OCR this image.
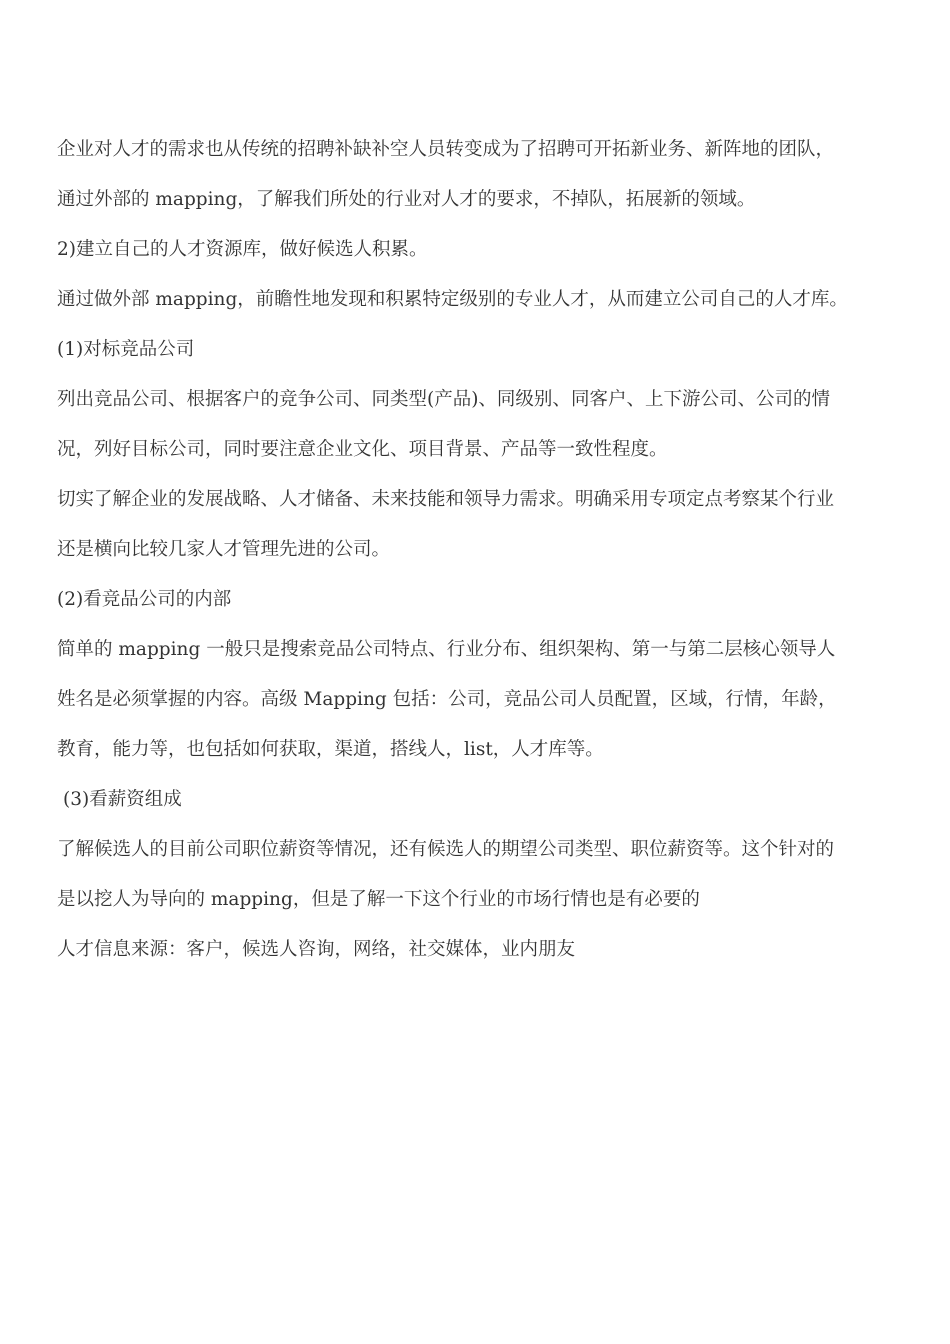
企业对人才的需求也从传统的招聘补缺补空人员转变成为了招聘可开拓新业务、新阵地的团队，

通过外部的 mapping，了解我们所处的行业对人才的要求，不掉队，拓展新的领域。

2)建立自己的人才资源库，做好候选人积累。

通过做外部 mapping，前瞻性地发现和积累特定级别的专业人才，从而建立公司自己的人才库。

(1)对标竞品公司

列出竞品公司、根据客户的竞争公司、同类型(产品)、同级别、同客户、上下游公司、公司的情

况，列好目标公司，同时要注意企业文化、项目背景、产品等一致性程度。

切实了解企业的发展战略、人才储备、未来技能和领导力需求。明确采用专项定点考察某个行业

还是横向比较几家人才管理先进的公司。

(2)看竞品公司的内部

简单的 mapping 一般只是搜索竞品公司特点、行业分布、组织架构、第一与第二层核心领导人

姓名是必须掌握的内容。高级 Mapping 包括：公司，竞品公司人员配置，区域，行情，年龄，

教育，能力等，也包括如何获取，渠道，搭线人，list，人才库等。

(3)看薪资组成

了解候选人的目前公司职位薪资等情况，还有候选人的期望公司类型、职位薪资等。这个针对的

是以挖人为导向的 mapping，但是了解一下这个行业的市场行情也是有必要的

人才信息来源：客户，候选人咨询，网络，社交媒体，业内朋友
